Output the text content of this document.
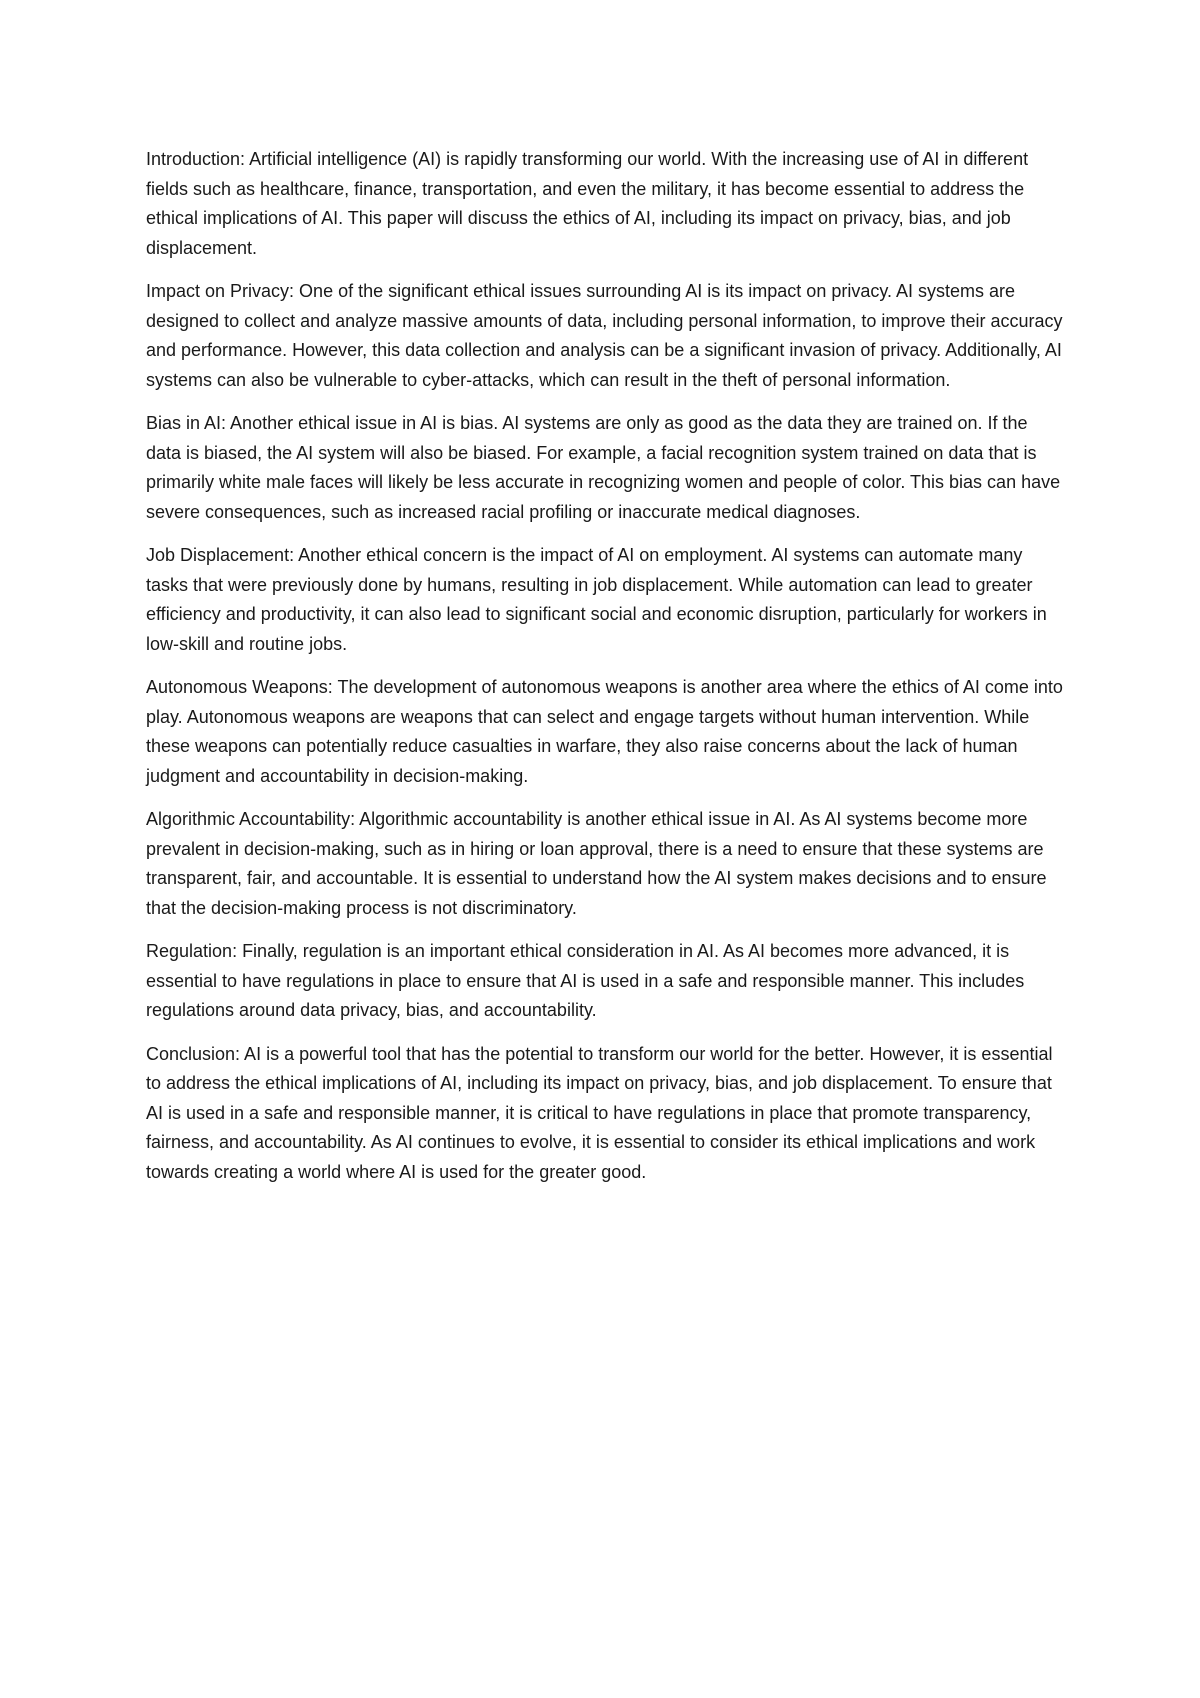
Introduction: Artificial intelligence (AI) is rapidly transforming our world. With the increasing use of AI in different fields such as healthcare, finance, transportation, and even the military, it has become essential to address the ethical implications of AI. This paper will discuss the ethics of AI, including its impact on privacy, bias, and job displacement.

Impact on Privacy: One of the significant ethical issues surrounding AI is its impact on privacy. AI systems are designed to collect and analyze massive amounts of data, including personal information, to improve their accuracy and performance. However, this data collection and analysis can be a significant invasion of privacy. Additionally, AI systems can also be vulnerable to cyber-attacks, which can result in the theft of personal information.

Bias in AI: Another ethical issue in AI is bias. AI systems are only as good as the data they are trained on. If the data is biased, the AI system will also be biased. For example, a facial recognition system trained on data that is primarily white male faces will likely be less accurate in recognizing women and people of color. This bias can have severe consequences, such as increased racial profiling or inaccurate medical diagnoses.

Job Displacement: Another ethical concern is the impact of AI on employment. AI systems can automate many tasks that were previously done by humans, resulting in job displacement. While automation can lead to greater efficiency and productivity, it can also lead to significant social and economic disruption, particularly for workers in low-skill and routine jobs.

Autonomous Weapons: The development of autonomous weapons is another area where the ethics of AI come into play. Autonomous weapons are weapons that can select and engage targets without human intervention. While these weapons can potentially reduce casualties in warfare, they also raise concerns about the lack of human judgment and accountability in decision-making.

Algorithmic Accountability: Algorithmic accountability is another ethical issue in AI. As AI systems become more prevalent in decision-making, such as in hiring or loan approval, there is a need to ensure that these systems are transparent, fair, and accountable. It is essential to understand how the AI system makes decisions and to ensure that the decision-making process is not discriminatory.

Regulation: Finally, regulation is an important ethical consideration in AI. As AI becomes more advanced, it is essential to have regulations in place to ensure that AI is used in a safe and responsible manner. This includes regulations around data privacy, bias, and accountability.

Conclusion: AI is a powerful tool that has the potential to transform our world for the better. However, it is essential to address the ethical implications of AI, including its impact on privacy, bias, and job displacement. To ensure that AI is used in a safe and responsible manner, it is critical to have regulations in place that promote transparency, fairness, and accountability. As AI continues to evolve, it is essential to consider its ethical implications and work towards creating a world where AI is used for the greater good.
